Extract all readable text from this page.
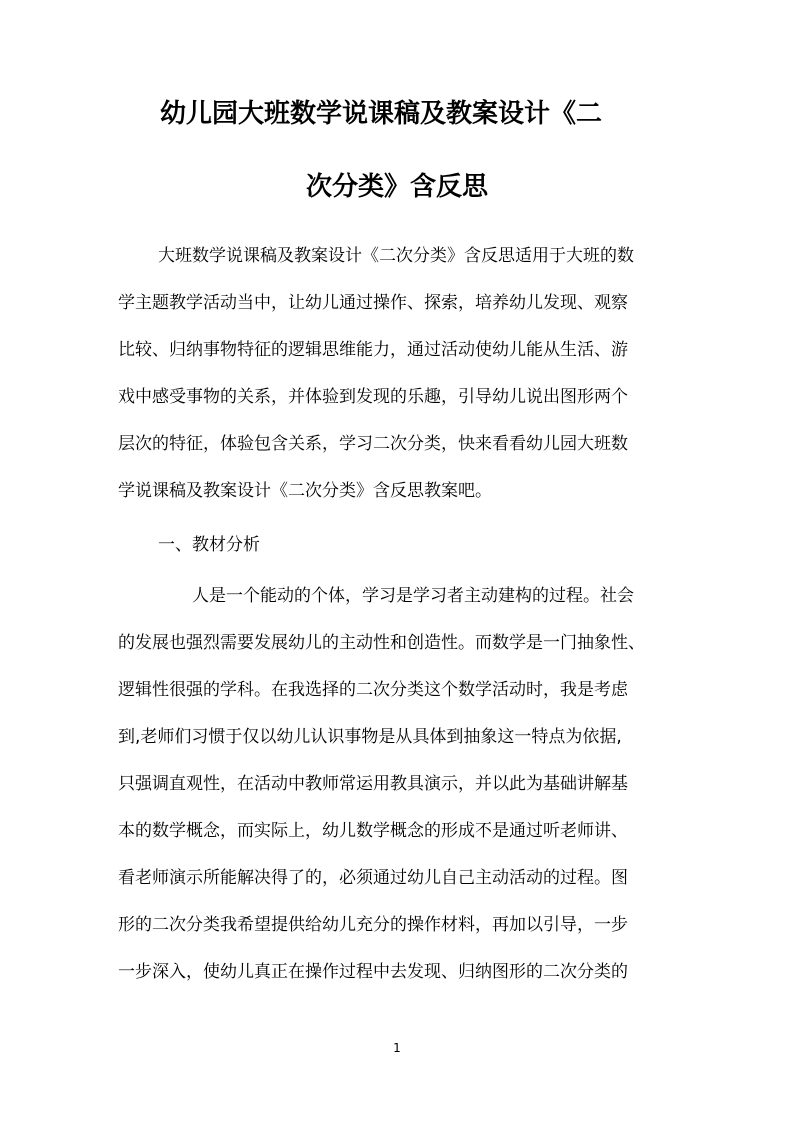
幼儿园大班数学说课稿及教案设计《二
次分类》含反思
大班数学说课稿及教案设计《二次分类》含反思适用于大班的数
学主题教学活动当中，让幼儿通过操作、探索，培养幼儿发现、观察
比较、归纳事物特征的逻辑思维能力，通过活动使幼儿能从生活、游
戏中感受事物的关系，并体验到发现的乐趣，引导幼儿说出图形两个
层次的特征，体验包含关系，学习二次分类，快来看看幼儿园大班数
学说课稿及教案设计《二次分类》含反思教案吧。
一、教材分析
人是一个能动的个体，学习是学习者主动建构的过程。社会
的发展也强烈需要发展幼儿的主动性和创造性。而数学是一门抽象性、
逻辑性很强的学科。在我选择的二次分类这个数学活动时，我是考虑
到,老师们习惯于仅以幼儿认识事物是从具体到抽象这一特点为依据,
只强调直观性，在活动中教师常运用教具演示，并以此为基础讲解基
本的数学概念，而实际上，幼儿数学概念的形成不是通过听老师讲、
看老师演示所能解决得了的，必须通过幼儿自己主动活动的过程。图
形的二次分类我希望提供给幼儿充分的操作材料，再加以引导，一步
一步深入，使幼儿真正在操作过程中去发现、归纳图形的二次分类的
1
